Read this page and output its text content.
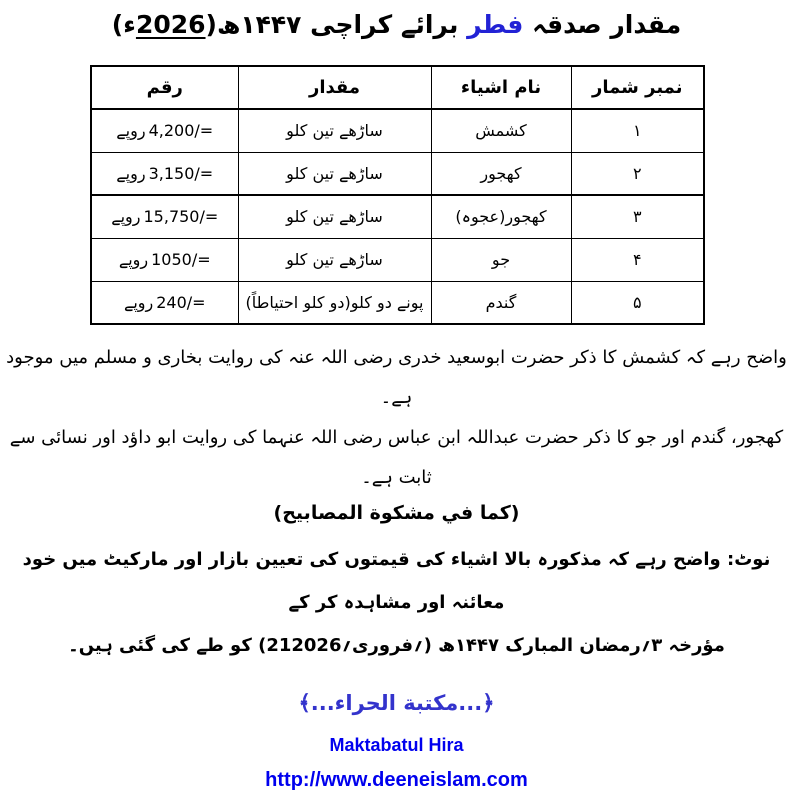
مقدار صدقہ فطر برائے کراچی ۱۴۴۷ھ(2026ء)
نمبر شمار	نام اشیاء	مقدار	رقم
۱	کشمش	ساڑھے تین کلو	4,200/=روپے
۲	کھجور	ساڑھے تین کلو	3,150/=روپے
۳	کھجور(عجوہ)	ساڑھے تین کلو	15,750/=روپے
۴	جو	ساڑھے تین کلو	1050/=روپے
۵	گندم	پونے دو کلو(دو کلو احتیاطاً)	240/=روپے
واضح رہے کہ کشمش کا ذکر حضرت ابوسعید خدری رضی اللہ عنہ کی روایت بخاری و مسلم میں موجود ہے۔
کھجور، گندم اور جو کا ذکر حضرت عبداللہ ابن عباس رضی اللہ عنہما کی روایت ابو داؤد اور نسائی سے ثابت ہے۔
(كما في مشكوة المصابيح)
نوٹ: واضح رہے کہ مذکورہ بالا اشیاء کی قیمتوں کی تعیین بازار اور مارکیٹ میں خود معائنہ اور مشاہدہ کر کے
مؤرخہ ۳؍رمضان المبارک ۱۴۴۷ھ (21؍فروری؍2026) کو طے کی گئی ہیں۔
﴿...مكتبة الحراء...﴾
Maktabatul Hira
http://www.deeneislam.com
